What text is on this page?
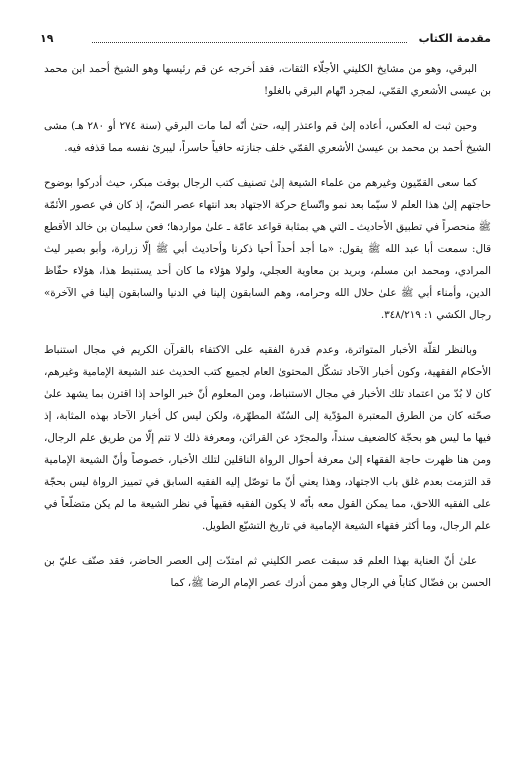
مقدمة الكتاب
١٩

البرقي، وهو من مشايخ الكليني الأجلّاء الثقات، فقد أخرجه عن قم رئيسها وهو الشيخ أحمد ابن محمد بن عيسى الأشعري القمّي، لمجرد اتّهام البرقي بالغلو!

وحين ثبت له العكس، أعاده إلىٰ قم واعتذر إليه، حتىٰ أنّه لما مات البرقي (سنة ٢٧٤ أو ٢٨٠ هـ) مشى الشيخ أحمد بن محمد بن عيسىٰ الأشعري القمّي خلف جنازته حافياً حاسراً، ليبرئ نفسه مما قذفه فيه.

كما سعى القمّيون وغيرهم من علماء الشيعة إلىٰ تصنيف كتب الرجال بوقت مبكر، حيث أدركوا بوضوح حاجتهم إلىٰ هذا العلم لا سيّما بعد نمو واتّساع حركة الاجتهاد بعد انتهاء عصر النصّ، إذ كان في عصور الأئمّة ﷺ منحصراً في تطبيق الأحاديث ـ التي هي بمثابة قواعد عامّة ـ علىٰ مواردها؛ فعن سليمان بن خالد الأقطع قال: سمعت أبا عبد الله ﷺ يقول: «ما أجد أحداً أحيا ذكرنا وأحاديث أبي ﷺ إلّا زرارة، وأبو بصير ليث المرادي، ومحمد ابن مسلم، وبريد بن معاوية العجلي، ولولا هؤلاء ما كان أحد يستنبط هذا، هؤلاء حفّاظ الدين، وأمناء أبي ﷺ علىٰ حلال الله وحرامه، وهم السابقون إلينا في الدنيا والسابقون إلينا في الآخرة» رجال الكشي ١: ٣٤٨/٢١٩.

وبالنظر لقلّة الأخبار المتواترة، وعدم قدرة الفقيه على الاكتفاء بالقرآن الكريم في مجال استنباط الأحكام الفقهية، وكون أخبار الآحاد تشكّل المحتوىٰ العام لجميع كتب الحديث عند الشيعة الإمامية وغيرهم، كان لا بُدّ من اعتماد تلك الأخبار في مجال الاستنباط، ومن المعلوم أنّ خبر الواحد إذا اقترن بما يشهد علىٰ صحّته كان من الطرق المعتبرة المؤدّية إلى السُنّة المطهّرة، ولكن ليس كل أخبار الآحاد بهذه المثابة، إذ فيها ما ليس هو بحجّة كالضعيف سنداً، والمجرّد عن القرائن، ومعرفة ذلك لا تتم إلّا من طريق علم الرجال، ومن هنا ظهرت حاجة الفقهاء إلىٰ معرفة أحوال الرواة الناقلين لتلك الأخبار، خصوصاً وأنّ الشيعة الإمامية قد التزمت بعدم غلق باب الاجتهاد، وهذا يعني أنّ ما توصّل إليه الفقيه السابق في تمييز الرواة ليس بحجّة على الفقيه اللاحق، مما يمكن القول معه بأنّه لا يكون الفقيه فقيهاً في نظر الشيعة ما لم يكن متضلّعاً في علم الرجال، وما أكثر فقهاء الشيعة الإمامية في تاريخ التشيّع الطويل.

علىٰ أنّ العناية بهذا العلم قد سبقت عصر الكليني ثم امتدّت إلى العصر الحاضر، فقد صنّف عليّ بن الحسن بن فضّال كتاباً في الرجال وهو ممن أدرك عصر الإمام الرضا ﷺ، كما
